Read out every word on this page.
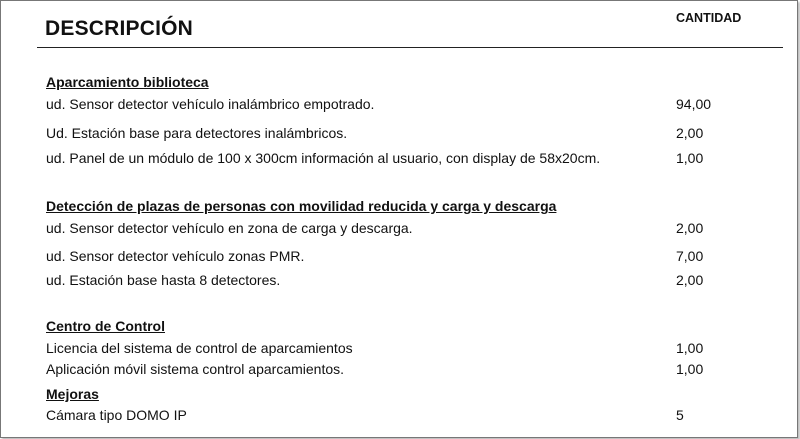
DESCRIPCIÓN	CANTIDAD
Aparcamiento biblioteca
ud. Sensor detector vehículo inalámbrico empotrado.	94,00
Ud. Estación base para detectores inalámbricos.	2,00
ud. Panel de un módulo de 100 x 300cm información al usuario, con display de 58x20cm.	1,00
Detección de plazas de personas con movilidad reducida y carga y descarga
ud. Sensor detector vehículo en zona de carga y descarga.	2,00
ud. Sensor detector vehículo zonas PMR.	7,00
ud. Estación base hasta 8 detectores.	2,00
Centro de Control
Licencia del sistema de control de aparcamientos	1,00
Aplicación móvil sistema control aparcamientos.	1,00
Mejoras
Cámara tipo DOMO IP	5
